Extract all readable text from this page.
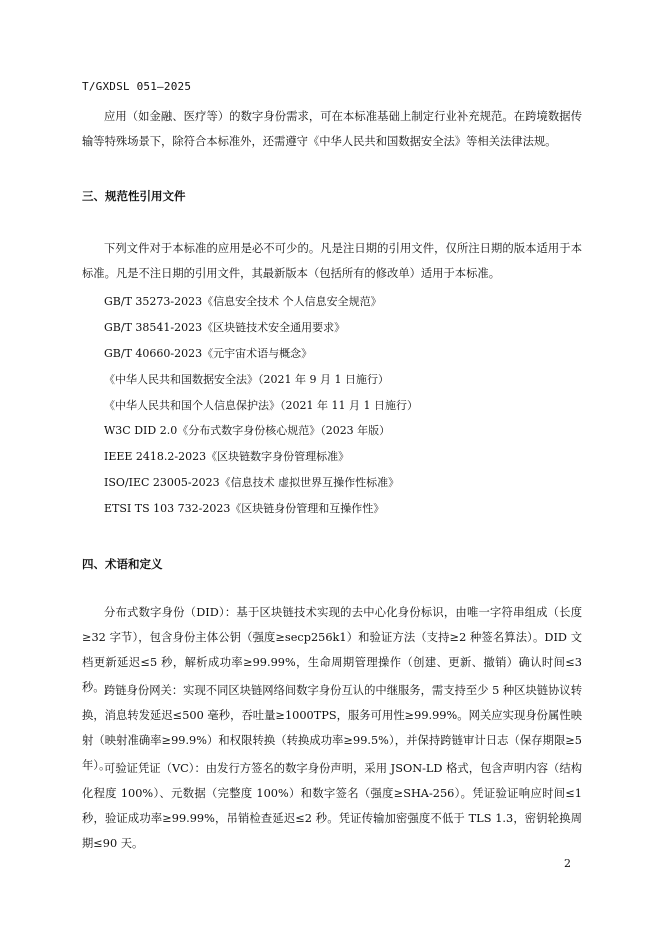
T/GXDSL 051—2025

应用（如金融、医疗等）的数字身份需求，可在本标准基础上制定行业补充规范。在跨境数据传输等特殊场景下，除符合本标准外，还需遵守《中华人民共和国数据安全法》等相关法律法规。

三、规范性引用文件

下列文件对于本标准的应用是必不可少的。凡是注日期的引用文件，仅所注日期的版本适用于本标准。凡是不注日期的引用文件，其最新版本（包括所有的修改单）适用于本标准。

GB/T 35273-2023《信息安全技术 个人信息安全规范》
GB/T 38541-2023《区块链技术安全通用要求》
GB/T 40660-2023《元宇宙术语与概念》
《中华人民共和国数据安全法》（2021 年 9 月 1 日施行）
《中华人民共和国个人信息保护法》（2021 年 11 月 1 日施行）
W3C DID 2.0《分布式数字身份核心规范》（2023 年版）
IEEE 2418.2-2023《区块链数字身份管理标准》
ISO/IEC 23005-2023《信息技术 虚拟世界互操作性标准》
ETSI TS 103 732-2023《区块链身份管理和互操作性》
四、术语和定义

分布式数字身份（DID）：基于区块链技术实现的去中心化身份标识，由唯一字符串组成（长度≥32 字节），包含身份主体公钥（强度≥secp256k1）和验证方法（支持≥2 种签名算法）。DID 文档更新延迟≤5 秒，解析成功率≥99.99%，生命周期管理操作（创建、更新、撤销）确认时间≤3 秒。 跨链身份网关：实现不同区块链网络间数字身份互认的中继服务，需支持至少 5 种区块链协议转换，消息转发延迟≤500 毫秒，吞吐量≥1000TPS，服务可用性≥99.99%。网关应实现身份属性映射（映射准确率≥99.9%）和权限转换（转换成功率≥99.5%），并保持跨链审计日志（保存期限≥5 年）。

可验证凭证（VC）：由发行方签名的数字身份声明，采用 JSON-LD 格式，包含声明内容（结构化程度 100%）、元数据（完整度 100%）和数字签名（强度≥SHA-256）。凭证验证响应时间≤1 秒，验证成功率≥99.99%，吊销检查延迟≤2 秒。凭证传输加密强度不低于 TLS 1.3，密钥轮换周期≤90 天。

2
